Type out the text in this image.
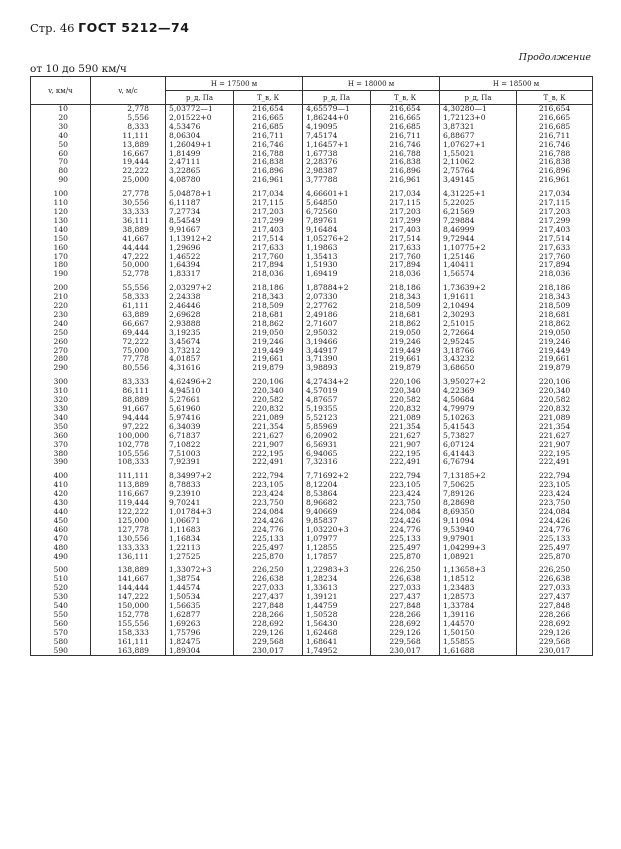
Стр. 46 ГОСТ 5212—74
Продолжение
от 10 до 590 км/ч
v, км/ч	v, м/с	H = 17500 м		H = 18000 м		H = 18500 м	
		p_д, Па	T_в, К	p_д, Па	T_в, К	p_д, Па	T_в, К
10	2,778	5,03772—1	216,654	4,65579—1	216,654	4,30280—1	216,654
20	5,556	2,01522+0	216,665	1,86244+0	216,665	1,72123+0	216,665
30	8,333	4,53476	216,685	4,19095	216,685	3,87321	216,685
40	11,111	8,06304	216,711	7,45174	216,711	6,88677	216,711
50	13,889	1,26049+1	216,746	1,16457+1	216,746	1,07627+1	216,746
60	16,667	1,81499	216,788	1,67738	216,788	1,55021	216,788
70	19,444	2,47111	216,838	2,28376	216,838	2,11062	216,838
80	22,222	3,22865	216,896	2,98387	216,896	2,75764	216,896
90	25,000	4,08780	216,961	3,77788	216,961	3,49145	216,961
100	27,778	5,04878+1	217,034	4,66601+1	217,034	4,31225+1	217,034
110	30,556	6,11187	217,115	5,64850	217,115	5,22025	217,115
120	33,333	7,27734	217,203	6,72560	217,203	6,21569	217,203
130	36,111	8,54549	217,299	7,89761	217,299	7,29884	217,299
140	38,889	9,91667	217,403	9,16484	217,403	8,46999	217,403
150	41,667	1,13912+2	217,514	1,05276+2	217,514	9,72944	217,514
160	44,444	1,29696	217,633	1,19863	217,633	1,10775+2	217,633
170	47,222	1,46522	217,760	1,35413	217,760	1,25146	217,760
180	50,000	1,64394	217,894	1,51930	217,894	1,40411	217,894
190	52,778	1,83317	218,036	1,69419	218,036	1,56574	218,036
200	55,556	2,03297+2	218,186	1,87884+2	218,186	1,73639+2	218,186
210	58,333	2,24338	218,343	2,07330	218,343	1,91611	218,343
220	61,111	2,46446	218,509	2,27762	218,509	2,10494	218,509
230	63,889	2,69628	218,681	2,49186	218,681	2,30293	218,681
240	66,667	2,93888	218,862	2,71607	218,862	2,51015	218,862
250	69,444	3,19235	219,050	2,95032	219,050	2,72664	219,050
260	72,222	3,45674	219,246	3,19466	219,246	2,95245	219,246
270	75,000	3,73212	219,449	3,44917	219,449	3,18766	219,449
280	77,778	4,01857	219,661	3,71390	219,661	3,43232	219,661
290	80,556	4,31616	219,879	3,98893	219,879	3,68650	219,879
300	83,333	4,62496+2	220,106	4,27434+2	220,106	3,95027+2	220,106
310	86,111	4,94510	220,340	4,57019	220,340	4,22369	220,340
320	88,889	5,27661	220,582	4,87657	220,582	4,50684	220,582
330	91,667	5,61960	220,832	5,19355	220,832	4,79979	220,832
340	94,444	5,97416	221,089	5,52123	221,089	5,10263	221,089
350	97,222	6,34039	221,354	5,85969	221,354	5,41543	221,354
360	100,000	6,71837	221,627	6,20902	221,627	5,73827	221,627
370	102,778	7,10822	221,907	6,56931	221,907	6,07124	221,907
380	105,556	7,51003	222,195	6,94065	222,195	6,41443	222,195
390	108,333	7,92391	222,491	7,32316	222,491	6,76794	222,491
400	111,111	8,34997+2	222,794	7,71692+2	222,794	7,13185+2	222,794
410	113,889	8,78833	223,105	8,12204	223,105	7,50625	223,105
420	116,667	9,23910	223,424	8,53864	223,424	7,89126	223,424
430	119,444	9,70241	223,750	8,96682	223,750	8,28698	223,750
440	122,222	1,01784+3	224,084	9,40669	224,084	8,69350	224,084
450	125,000	1,06671	224,426	9,85837	224,426	9,11094	224,426
460	127,778	1,11683	224,776	1,03220+3	224,776	9,53940	224,776
470	130,556	1,16834	225,133	1,07977	225,133	9,97901	225,133
480	133,333	1,22113	225,497	1,12855	225,497	1,04299+3	225,497
490	136,111	1,27525	225,870	1,17857	225,870	1,08921	225,870
500	138,889	1,33072+3	226,250	1,22983+3	226,250	1,13658+3	226,250
510	141,667	1,38754	226,638	1,28234	226,638	1,18512	226,638
520	144,444	1,44574	227,033	1,33613	227,033	1,23483	227,033
530	147,222	1,50534	227,437	1,39121	227,437	1,28573	227,437
540	150,000	1,56635	227,848	1,44759	227,848	1,33784	227,848
550	152,778	1,62877	228,266	1,50528	228,266	1,39116	228,266
560	155,556	1,69263	228,692	1,56430	228,692	1,44570	228,692
570	158,333	1,75796	229,126	1,62468	229,126	1,50150	229,126
580	161,111	1,82475	229,568	1,68641	229,568	1,55855	229,568
590	163,889	1,89304	230,017	1,74952	230,017	1,61688	230,017
